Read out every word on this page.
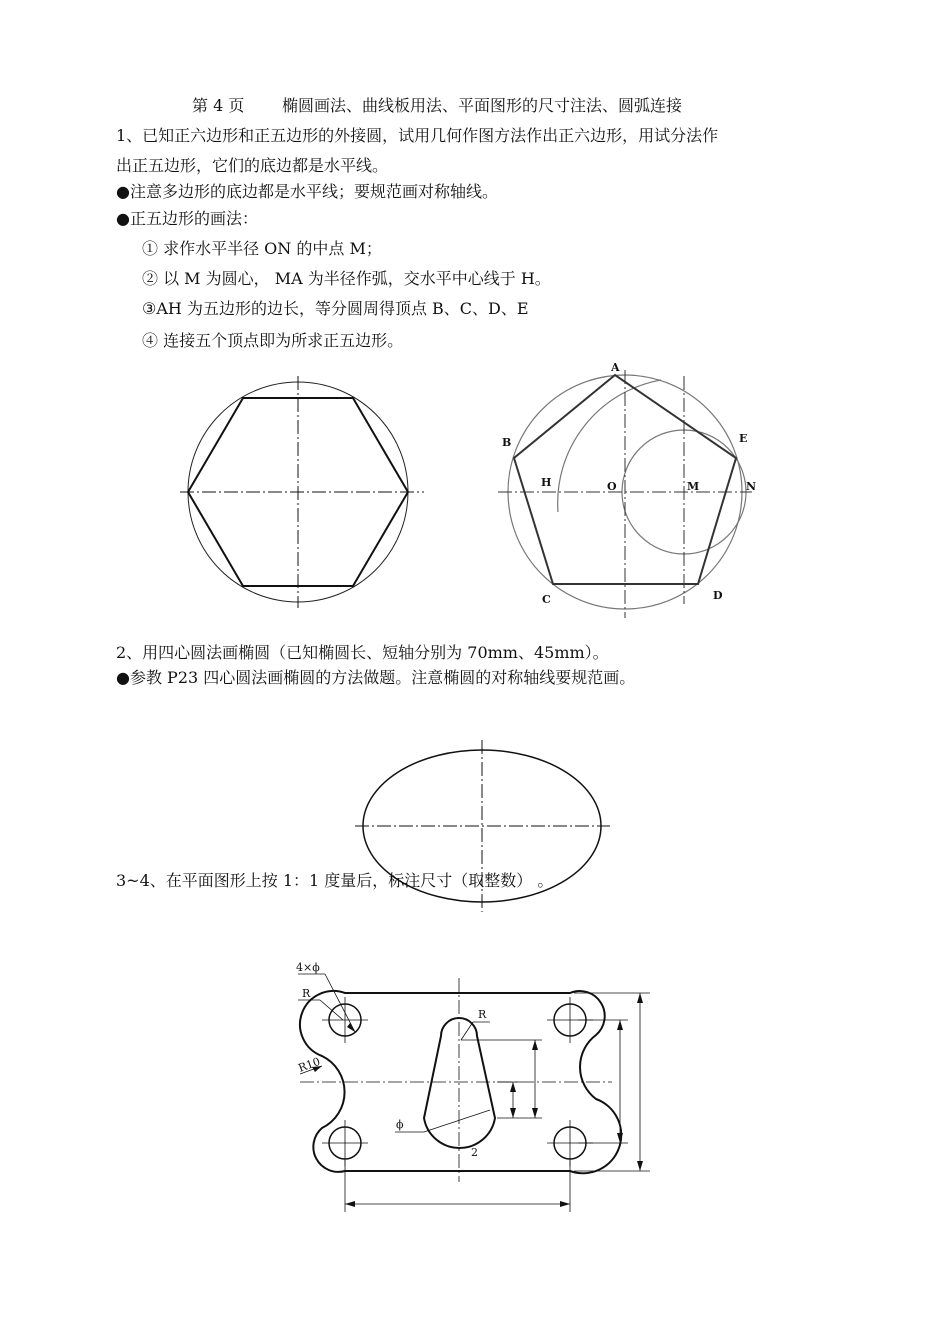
第 4 页 椭圆画法、曲线板用法、平面图形的尺寸注法、圆弧连接
1、已知正六边形和正五边形的外接圆，试用几何作图方法作出正六边形，用试分法作
出正五边形，它们的底边都是水平线。
●注意多边形的底边都是水平线；要规范画对称轴线。
●正五边形的画法：
① 求作水平半径 ON 的中点 M；
② 以 M 为圆心， MA 为半径作弧，交水平中心线于 H。
③AH 为五边形的边长，等分圆周得顶点 B、C、D、E
④ 连接五个顶点即为所求正五边形。
2、用四心圆法画椭圆（已知椭圆长、短轴分别为 70mm、45mm）。
●参教 P23 四心圆法画椭圆的方法做题。注意椭圆的对称轴线要规范画。
3~4、在平面图形上按 1：1 度量后，标注尺寸（取整数） 。
A
B
C	D
E
H	O	M	N
4×ϕ
R
R10
R
ϕ
2
